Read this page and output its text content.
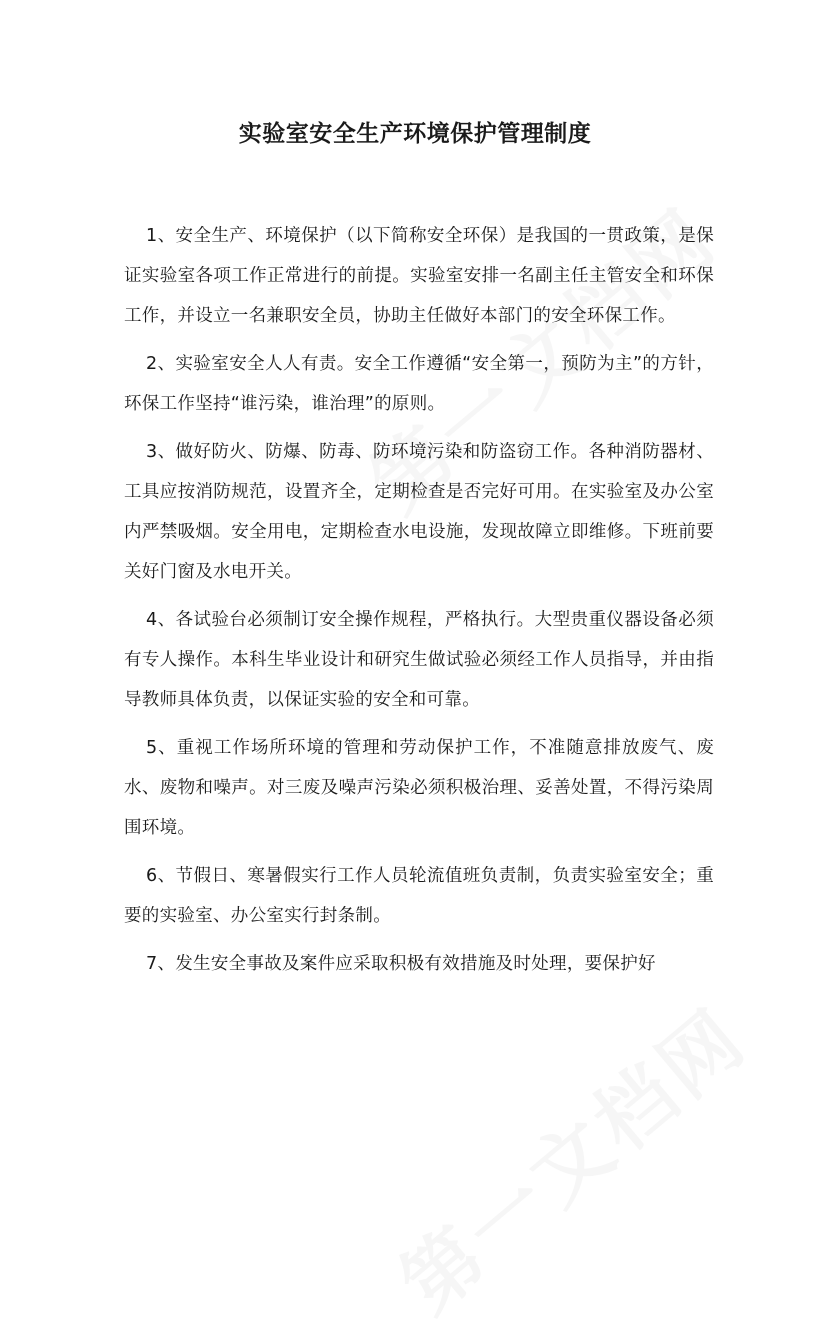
实验室安全生产环境保护管理制度

1、安全生产、环境保护（以下简称安全环保）是我国的一贯政策，是保证实验室各项工作正常进行的前提。实验室安排一名副主任主管安全和环保工作，并设立一名兼职安全员，协助主任做好本部门的安全环保工作。

2、实验室安全人人有责。安全工作遵循“安全第一，预防为主”的方针，环保工作坚持“谁污染，谁治理”的原则。

3、做好防火、防爆、防毒、防环境污染和防盗窃工作。各种消防器材、工具应按消防规范，设置齐全，定期检查是否完好可用。在实验室及办公室内严禁吸烟。安全用电，定期检查水电设施，发现故障立即维修。下班前要关好门窗及水电开关。

4、各试验台必须制订安全操作规程，严格执行。大型贵重仪器设备必须有专人操作。本科生毕业设计和研究生做试验必须经工作人员指导，并由指导教师具体负责，以保证实验的安全和可靠。

5、重视工作场所环境的管理和劳动保护工作，不准随意排放废气、废水、废物和噪声。对三废及噪声污染必须积极治理、妥善处置，不得污染周围环境。

6、节假日、寒暑假实行工作人员轮流值班负责制，负责实验室安全；重要的实验室、办公室实行封条制。

7、发生安全事故及案件应采取积极有效措施及时处理，要保护好
